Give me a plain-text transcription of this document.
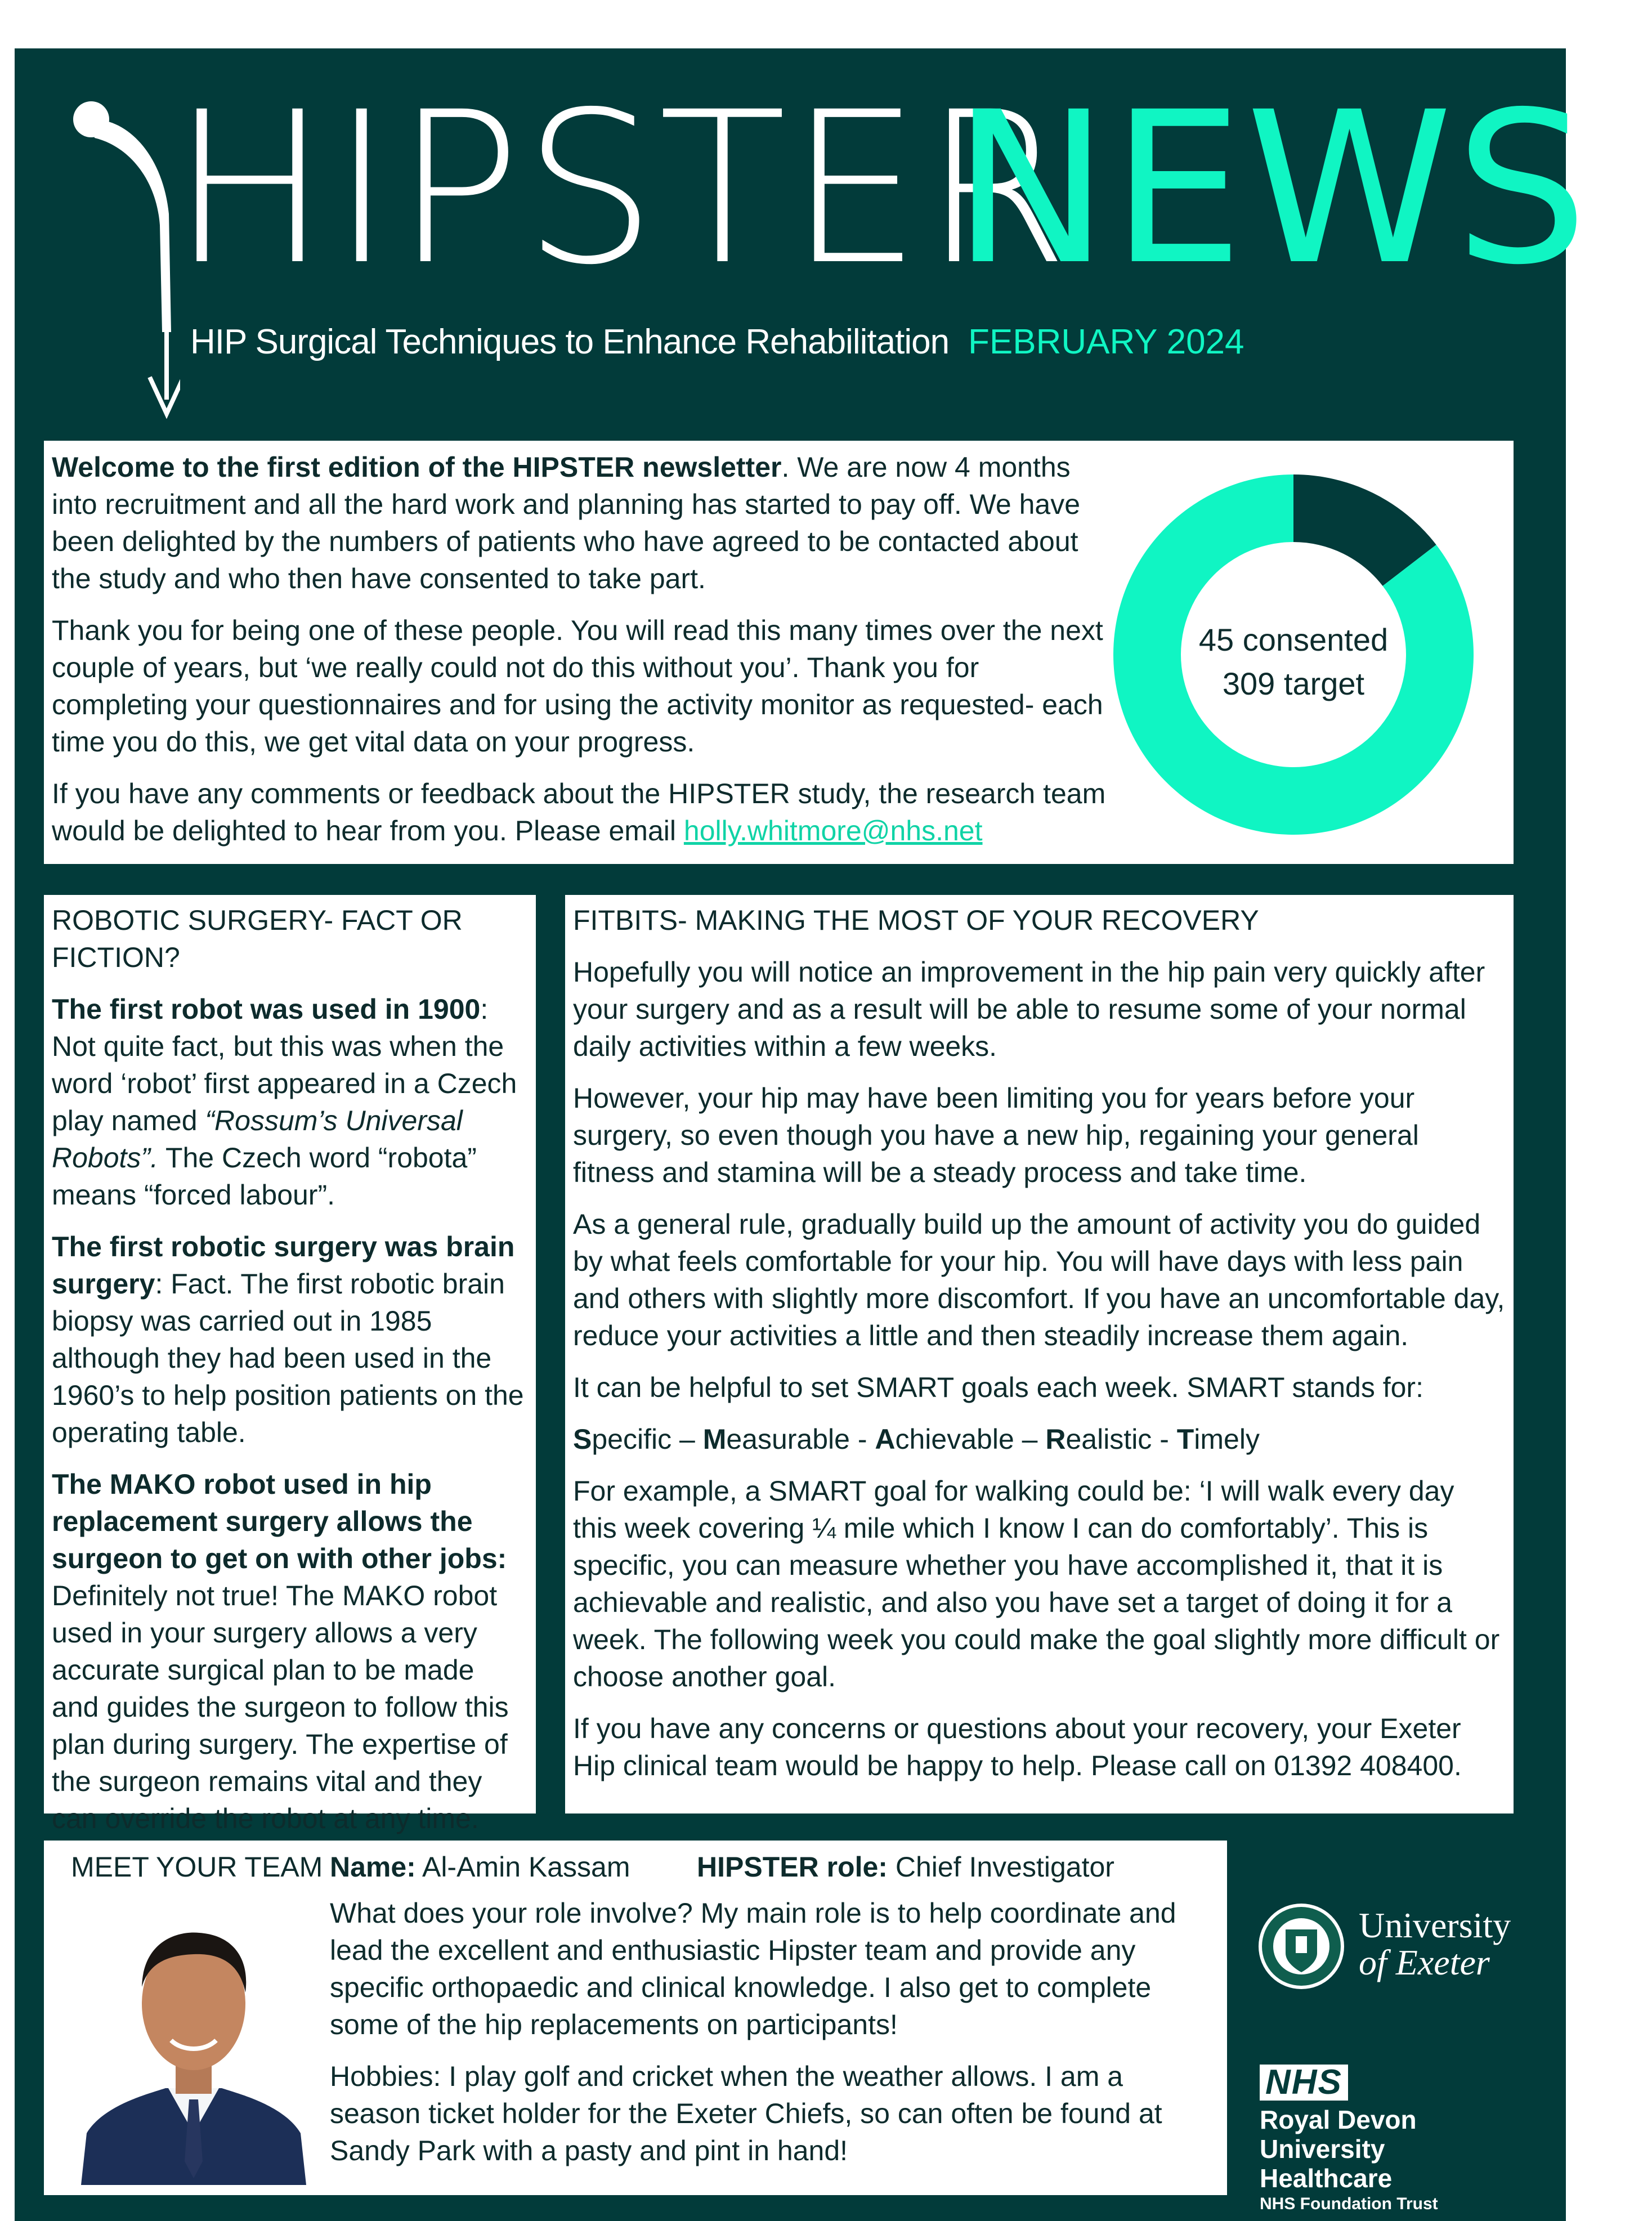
HIPSTER
NEWS
HIP Surgical Techniques to Enhance Rehabilitation FEBRUARY 2024

Welcome to the first edition of the HIPSTER newsletter. We are now 4 months into recruitment and all the hard work and planning has started to pay off. We have been delighted by the numbers of patients who have agreed to be contacted about the study and who then have consented to take part.

Thank you for being one of these people. You will read this many times over the next couple of years, but ‘we really could not do this without you’. Thank you for completing your questionnaires and for using the activity monitor as requested- each time you do this, we get vital data on your progress.

If you have any comments or feedback about the HIPSTER study, the research team would be delighted to hear from you. Please email holly.whitmore@nhs.net

45 consented
309 target

ROBOTIC SURGERY- FACT OR FICTION?

The first robot was used in 1900: Not quite fact, but this was when the word ‘robot’ first appeared in a Czech play named “Rossum’s Universal Robots”. The Czech word “robota” means “forced labour”.

The first robotic surgery was brain surgery: Fact. The first robotic brain biopsy was carried out in 1985 although they had been used in the 1960’s to help position patients on the operating table.

The MAKO robot used in hip replacement surgery allows the surgeon to get on with other jobs: Definitely not true! The MAKO robot used in your surgery allows a very accurate surgical plan to be made and guides the surgeon to follow this plan during surgery. The expertise of the surgeon remains vital and they can override the robot at any time.

FITBITS- MAKING THE MOST OF YOUR RECOVERY

Hopefully you will notice an improvement in the hip pain very quickly after your surgery and as a result will be able to resume some of your normal daily activities within a few weeks.

However, your hip may have been limiting you for years before your surgery, so even though you have a new hip, regaining your general fitness and stamina will be a steady process and take time.

As a general rule, gradually build up the amount of activity you do guided by what feels comfortable for your hip. You will have days with less pain and others with slightly more discomfort. If you have an uncomfortable day, reduce your activities a little and then steadily increase them again.

It can be helpful to set SMART goals each week. SMART stands for:

Specific – Measurable - Achievable – Realistic - Timely

For example, a SMART goal for walking could be: ‘I will walk every day this week covering ¼ mile which I know I can do comfortably’. This is specific, you can measure whether you have accomplished it, that it is achievable and realistic, and also you have set a target of doing it for a week. The following week you could make the goal slightly more difficult or choose another goal.

If you have any concerns or questions about your recovery, your Exeter Hip clinical team would be happy to help. Please call on 01392 408400.

MEET YOUR TEAM Name: Al-Amin Kassam HIPSTER role: Chief Investigator

What does your role involve? My main role is to help coordinate and lead the excellent and enthusiastic Hipster team and provide any specific orthopaedic and clinical knowledge. I also get to complete some of the hip replacements on participants!

Hobbies: I play golf and cricket when the weather allows. I am a season ticket holder for the Exeter Chiefs, so can often be found at Sandy Park with a pasty and pint in hand!

University
of Exeter
NHS
Royal Devon
University Healthcare
NHS Foundation Trust
